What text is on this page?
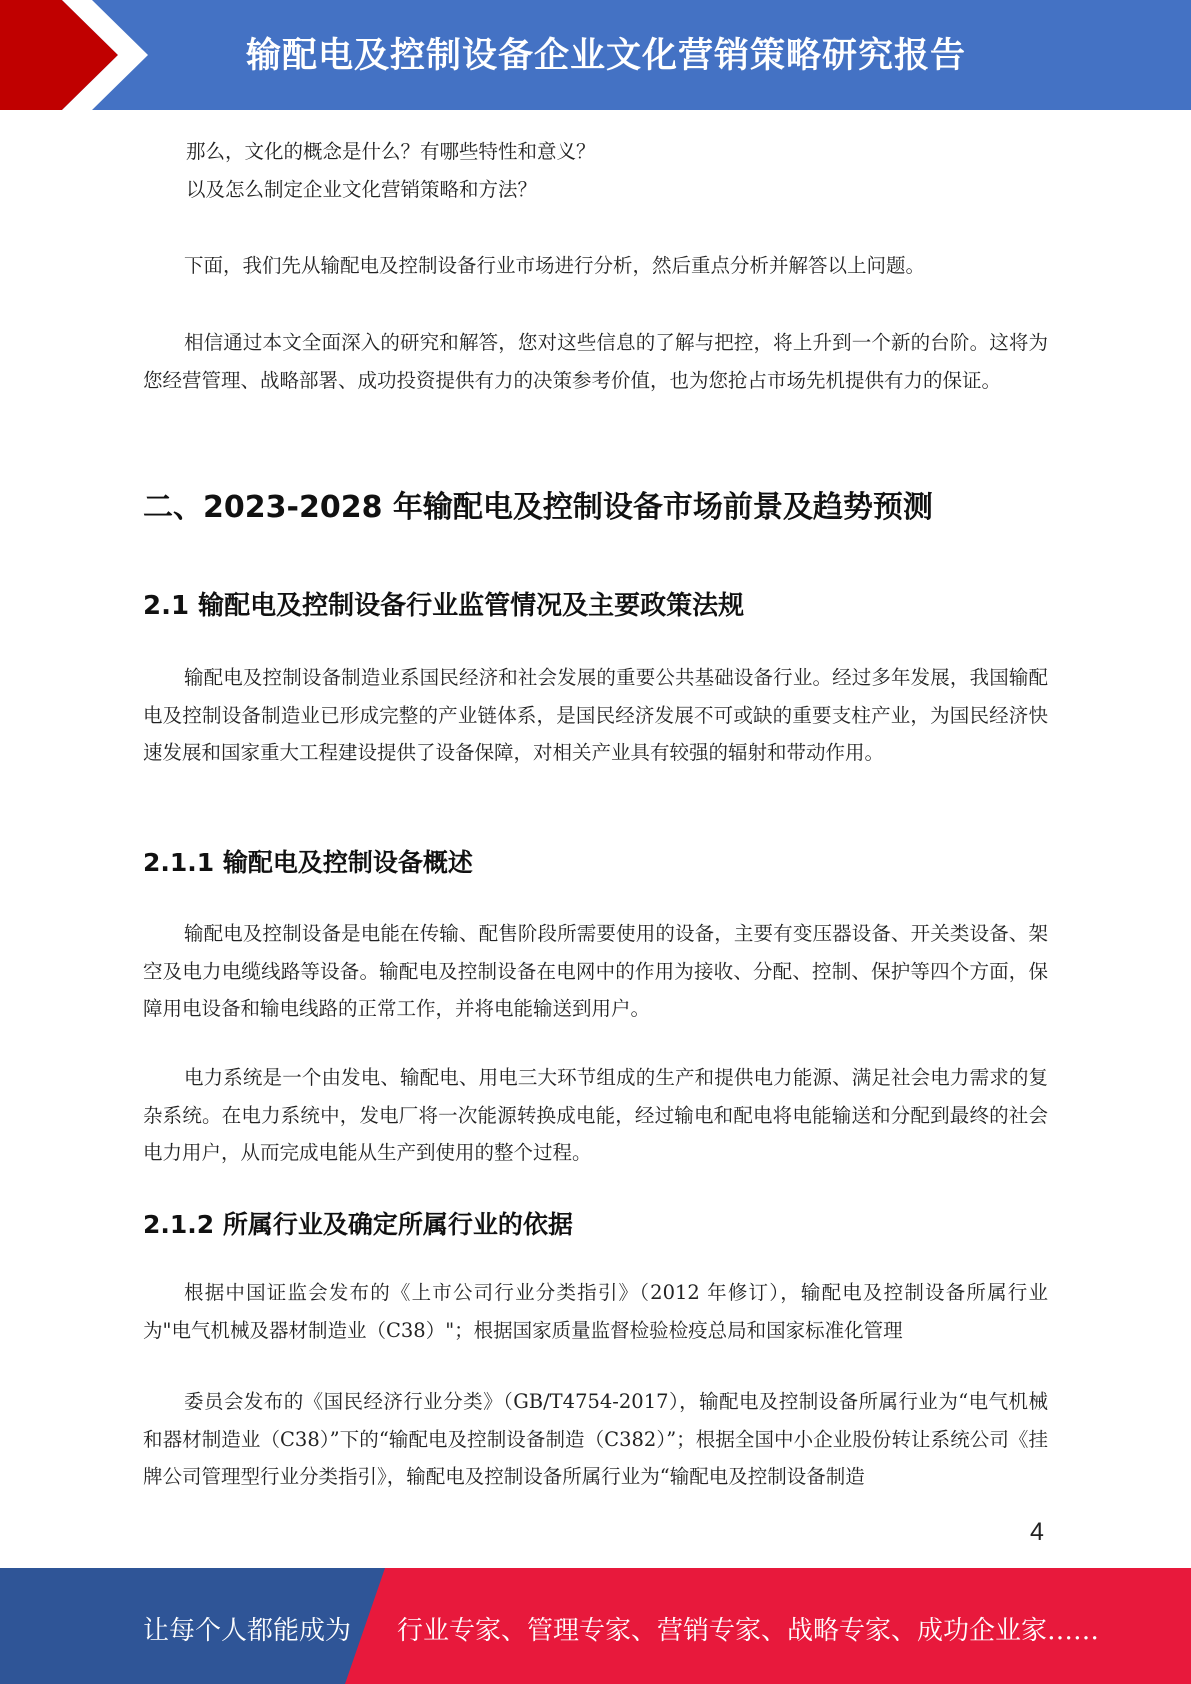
输配电及控制设备企业文化营销策略研究报告

那么，文化的概念是什么？有哪些特性和意义？

以及怎么制定企业文化营销策略和方法？

下面，我们先从输配电及控制设备行业市场进行分析，然后重点分析并解答以上问题。

相信通过本文全面深入的研究和解答，您对这些信息的了解与把控，将上升到一个新的台阶。这将为您经营管理、战略部署、成功投资提供有力的决策参考价值，也为您抢占市场先机提供有力的保证。

二、2023-2028 年输配电及控制设备市场前景及趋势预测
2.1 输配电及控制设备行业监管情况及主要政策法规

输配电及控制设备制造业系国民经济和社会发展的重要公共基础设备行业。经过多年发展，我国输配电及控制设备制造业已形成完整的产业链体系，是国民经济发展不可或缺的重要支柱产业，为国民经济快速发展和国家重大工程建设提供了设备保障，对相关产业具有较强的辐射和带动作用。

2.1.1 输配电及控制设备概述

输配电及控制设备是电能在传输、配售阶段所需要使用的设备，主要有变压器设备、开关类设备、架空及电力电缆线路等设备。输配电及控制设备在电网中的作用为接收、分配、控制、保护等四个方面，保障用电设备和输电线路的正常工作，并将电能输送到用户。

电力系统是一个由发电、输配电、用电三大环节组成的生产和提供电力能源、满足社会电力需求的复杂系统。在电力系统中，发电厂将一次能源转换成电能，经过输电和配电将电能输送和分配到最终的社会电力用户，从而完成电能从生产到使用的整个过程。

2.1.2 所属行业及确定所属行业的依据

根据中国证监会发布的《上市公司行业分类指引》（2012 年修订），输配电及控制设备所属行业为"电气机械及器材制造业（C38）"；根据国家质量监督检验检疫总局和国家标准化管理

委员会发布的《国民经济行业分类》（GB/T4754-2017），输配电及控制设备所属行业为“电气机械和器材制造业（C38）”下的“输配电及控制设备制造（C382）”；根据全国中小企业股份转让系统公司《挂牌公司管理型行业分类指引》，输配电及控制设备所属行业为“输配电及控制设备制造

4
让每个人都能成为 行业专家、管理专家、营销专家、战略专家、成功企业家……
